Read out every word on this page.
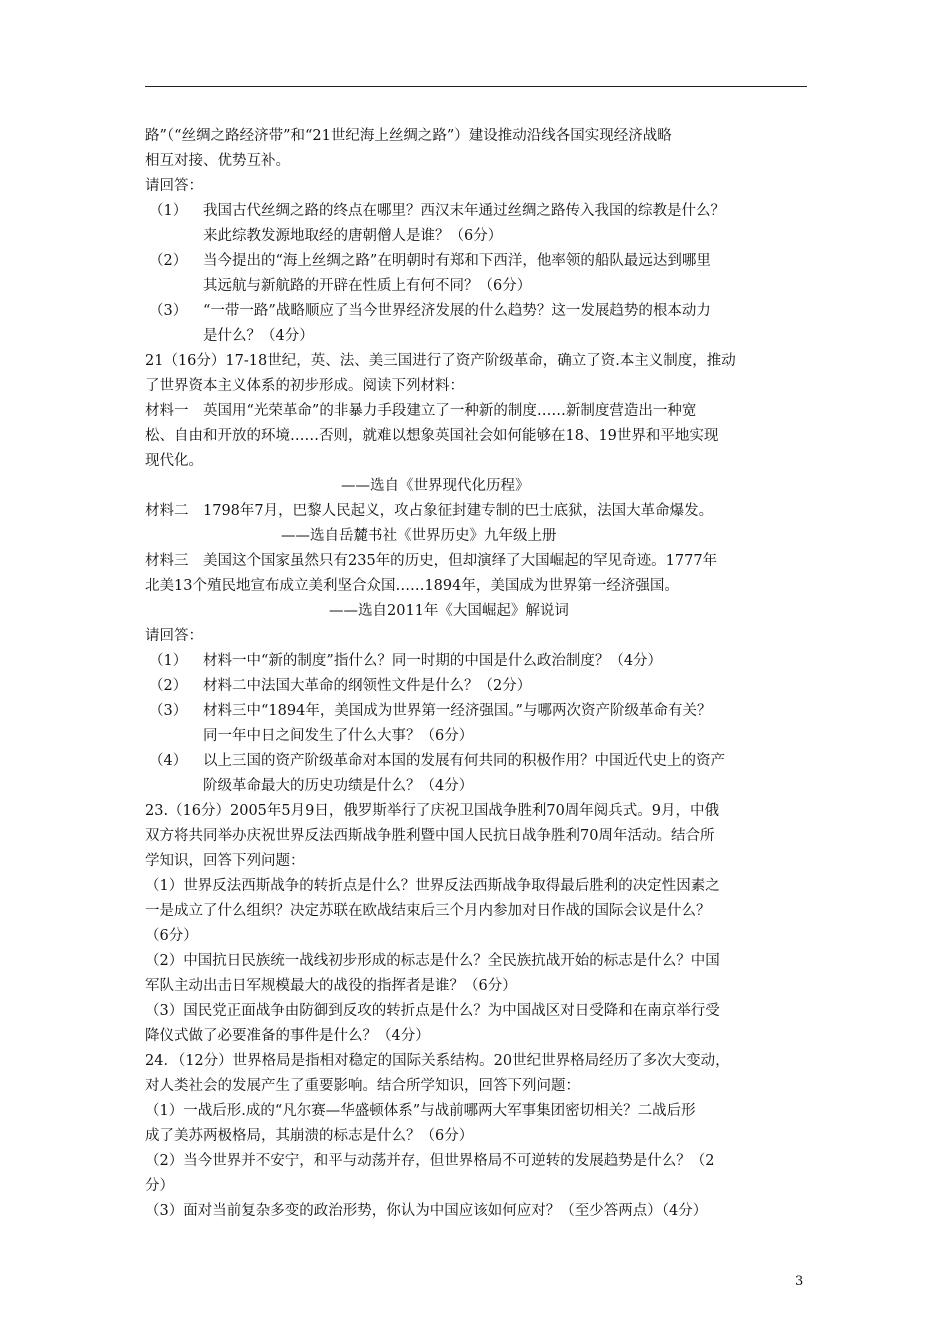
路”（“丝绸之路经济带”和“21世纪海上丝绸之路”）建设推动沿线各国实现经济战略

相互对接、优势互补。

请回答：

（1） 我国古代丝绸之路的终点在哪里？西汉末年通过丝绸之路传入我国的综教是什么？
来此综教发源地取经的唐朝僧人是谁？（6分）
（2） 当今提出的“海上丝绸之路”在明朝时有郑和下西洋，他率领的船队最远达到哪里
其远航与新航路的开辟在性质上有何不同？（6分）
（3） “一带一路”战略顺应了当今世界经济发展的什么趋势？这一发展趋势的根本动力
是什么？（4分）

21（16分）17-18世纪，英、法、美三国进行了资产阶级革命，确立了资.本主义制度，推动

了世界资本主义体系的初步形成。阅读下列材料：

材料一　英国用“光荣革命”的非暴力手段建立了一种新的制度……新制度营造出一种宽

松、自由和开放的环境……否则，就难以想象英国社会如何能够在18、19世界和平地实现

现代化。

——选自《世界现代化历程》

材料二　1798年7月，巴黎人民起义，攻占象征封建专制的巴士底狱，法国大革命爆发。

——选自岳麓书社《世界历史》九年级上册

材料三　美国这个国家虽然只有235年的历史，但却演绎了大国崛起的罕见奇迹。1777年

北美13个殖民地宣布成立美利坚合众国……1894年，美国成为世界第一经济强国。

——选自2011年《大国崛起》解说词

请回答：

（1） 材料一中“新的制度”指什么？同一时期的中国是什么政治制度？（4分）
（2） 材料二中法国大革命的纲领性文件是什么？（2分）
（3） 材料三中“1894年，美国成为世界第一经济强国。”与哪两次资产阶级革命有关？
同一年中日之间发生了什么大事？（6分）
（4） 以上三国的资产阶级革命对本国的发展有何共同的积极作用？中国近代史上的资产
阶级革命最大的历史功绩是什么？（4分）

23.（16分）2005年5月9日，俄罗斯举行了庆祝卫国战争胜利70周年阅兵式。9月，中俄

双方将共同举办庆祝世界反法西斯战争胜利暨中国人民抗日战争胜利70周年活动。结合所

学知识，回答下列问题：

（1）世界反法西斯战争的转折点是什么？世界反法西斯战争取得最后胜利的决定性因素之

一是成立了什么组织？决定苏联在欧战结束后三个月内参加对日作战的国际会议是什么？

（6分）

（2）中国抗日民族统一战线初步形成的标志是什么？全民族抗战开始的标志是什么？中国

军队主动出击日军规模最大的战役的指挥者是谁？（6分）

（3）国民党正面战争由防御到反攻的转折点是什么？为中国战区对日受降和在南京举行受

降仪式做了必要准备的事件是什么？（4分）

24．（12分）世界格局是指相对稳定的国际关系结构。20世纪世界格局经历了多次大变动，

对人类社会的发展产生了重要影响。结合所学知识，回答下列问题：

（1）一战后形.成的“凡尔赛—华盛顿体系”与战前哪两大军事集团密切相关？二战后形

成了美苏两极格局，其崩溃的标志是什么？（6分）

（2）当今世界并不安宁，和平与动荡并存，但世界格局不可逆转的发展趋势是什么？（2

分）

（3）面对当前复杂多变的政治形势，你认为中国应该如何应对？（至少答两点）（4分）

3
